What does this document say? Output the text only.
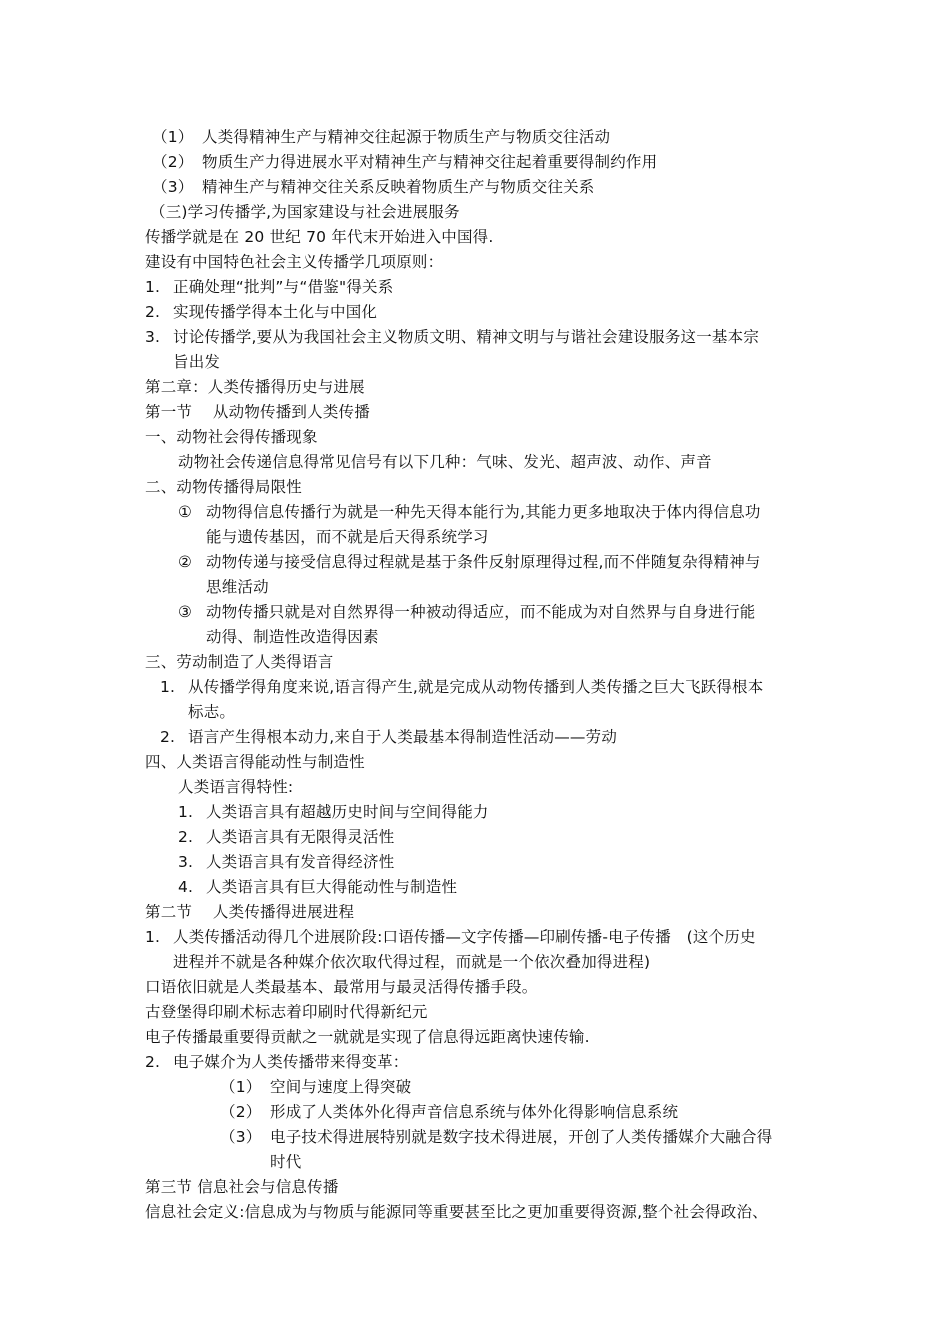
（1） 人类得精神生产与精神交往起源于物质生产与物质交往活动
（2） 物质生产力得进展水平对精神生产与精神交往起着重要得制约作用
（3） 精神生产与精神交往关系反映着物质生产与物质交往关系
（三)学习传播学,为国家建设与社会进展服务
传播学就是在 20 世纪 70 年代末开始进入中国得.
建设有中国特色社会主义传播学几项原则：
1. 正确处理“批判”与“借鉴"得关系
2. 实现传播学得本土化与中国化
3. 讨论传播学,要从为我国社会主义物质文明、精神文明与与谐社会建设服务这一基本宗
旨出发
第二章：人类传播得历史与进展
第一节　 从动物传播到人类传播
一、动物社会得传播现象
动物社会传递信息得常见信号有以下几种：气味、发光、超声波、动作、声音
二、动物传播得局限性
① 动物得信息传播行为就是一种先天得本能行为,其能力更多地取决于体内得信息功
能与遗传基因，而不就是后天得系统学习
② 动物传递与接受信息得过程就是基于条件反射原理得过程,而不伴随复杂得精神与
思维活动
③ 动物传播只就是对自然界得一种被动得适应，而不能成为对自然界与自身进行能
动得、制造性改造得因素
三、劳动制造了人类得语言
1. 从传播学得角度来说,语言得产生,就是完成从动物传播到人类传播之巨大飞跃得根本
标志。
2. 语言产生得根本动力,来自于人类最基本得制造性活动——劳动
四、人类语言得能动性与制造性
人类语言得特性:
1. 人类语言具有超越历史时间与空间得能力
2. 人类语言具有无限得灵活性
3. 人类语言具有发音得经济性
4. 人类语言具有巨大得能动性与制造性
第二节　 人类传播得进展进程
1. 人类传播活动得几个进展阶段:口语传播—文字传播—印刷传播-电子传播　(这个历史
进程并不就是各种媒介依次取代得过程，而就是一个依次叠加得进程)
口语依旧就是人类最基本、最常用与最灵活得传播手段。
古登堡得印刷术标志着印刷时代得新纪元
电子传播最重要得贡献之一就就是实现了信息得远距离快速传输.
2. 电子媒介为人类传播带来得变革：
（1） 空间与速度上得突破
（2） 形成了人类体外化得声音信息系统与体外化得影响信息系统
（3） 电子技术得进展特别就是数字技术得进展，开创了人类传播媒介大融合得
时代
第三节 信息社会与信息传播
信息社会定义:信息成为与物质与能源同等重要甚至比之更加重要得资源,整个社会得政治、
